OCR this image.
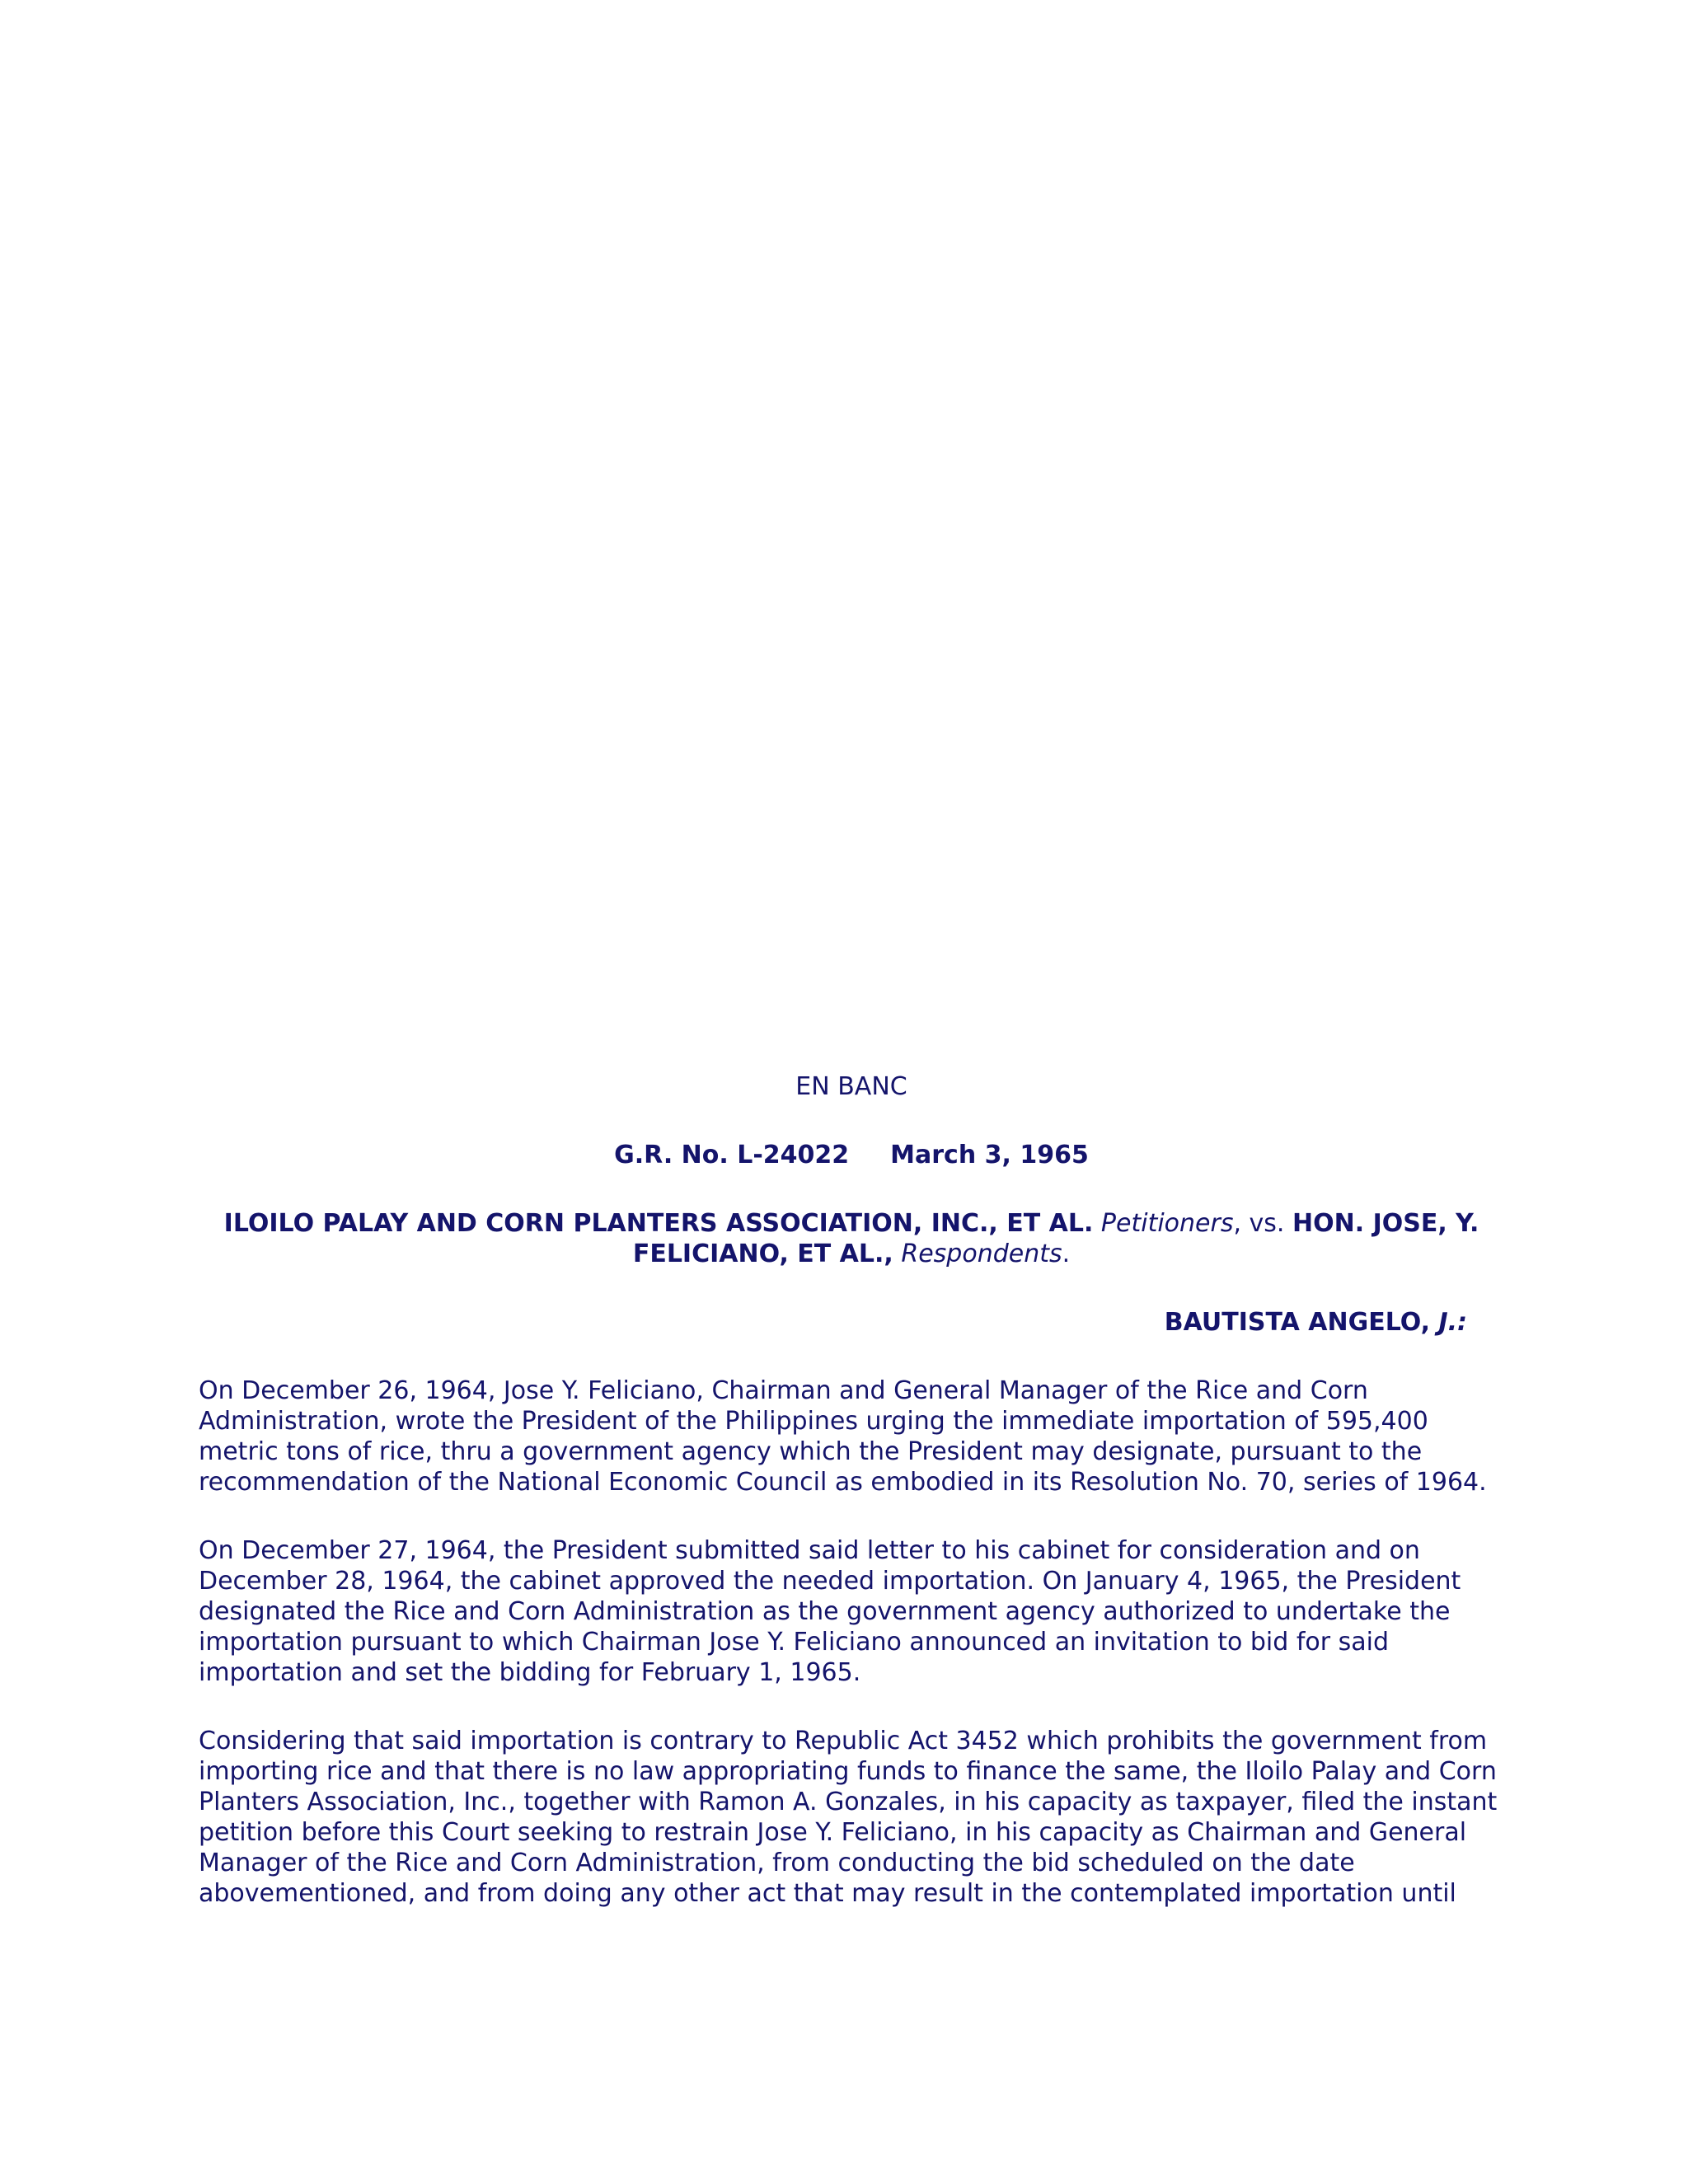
EN BANC
G.R. No. L-24022 March 3, 1965
ILOILO PALAY AND CORN PLANTERS ASSOCIATION, INC., ET AL. Petitioners, vs. HON. JOSE, Y. FELICIANO, ET AL., Respondents.
BAUTISTA ANGELO, J.:

On December 26, 1964, Jose Y. Feliciano, Chairman and General Manager of the Rice and Corn Administration, wrote the President of the Philippines urging the immediate importation of 595,400 metric tons of rice, thru a government agency which the President may designate, pursuant to the recommendation of the National Economic Council as embodied in its Resolution No. 70, series of 1964.

On December 27, 1964, the President submitted said letter to his cabinet for consideration and on December 28, 1964, the cabinet approved the needed importation. On January 4, 1965, the President designated the Rice and Corn Administration as the government agency authorized to undertake the importation pursuant to which Chairman Jose Y. Feliciano announced an invitation to bid for said importation and set the bidding for February 1, 1965.

Considering that said importation is contrary to Republic Act 3452 which prohibits the government from importing rice and that there is no law appropriating funds to finance the same, the Iloilo Palay and Corn Planters Association, Inc., together with Ramon A. Gonzales, in his capacity as taxpayer, filed the instant petition before this Court seeking to restrain Jose Y. Feliciano, in his capacity as Chairman and General Manager of the Rice and Corn Administration, from conducting the bid scheduled on the date abovementioned, and from doing any other act that may result in the contemplated importation until
